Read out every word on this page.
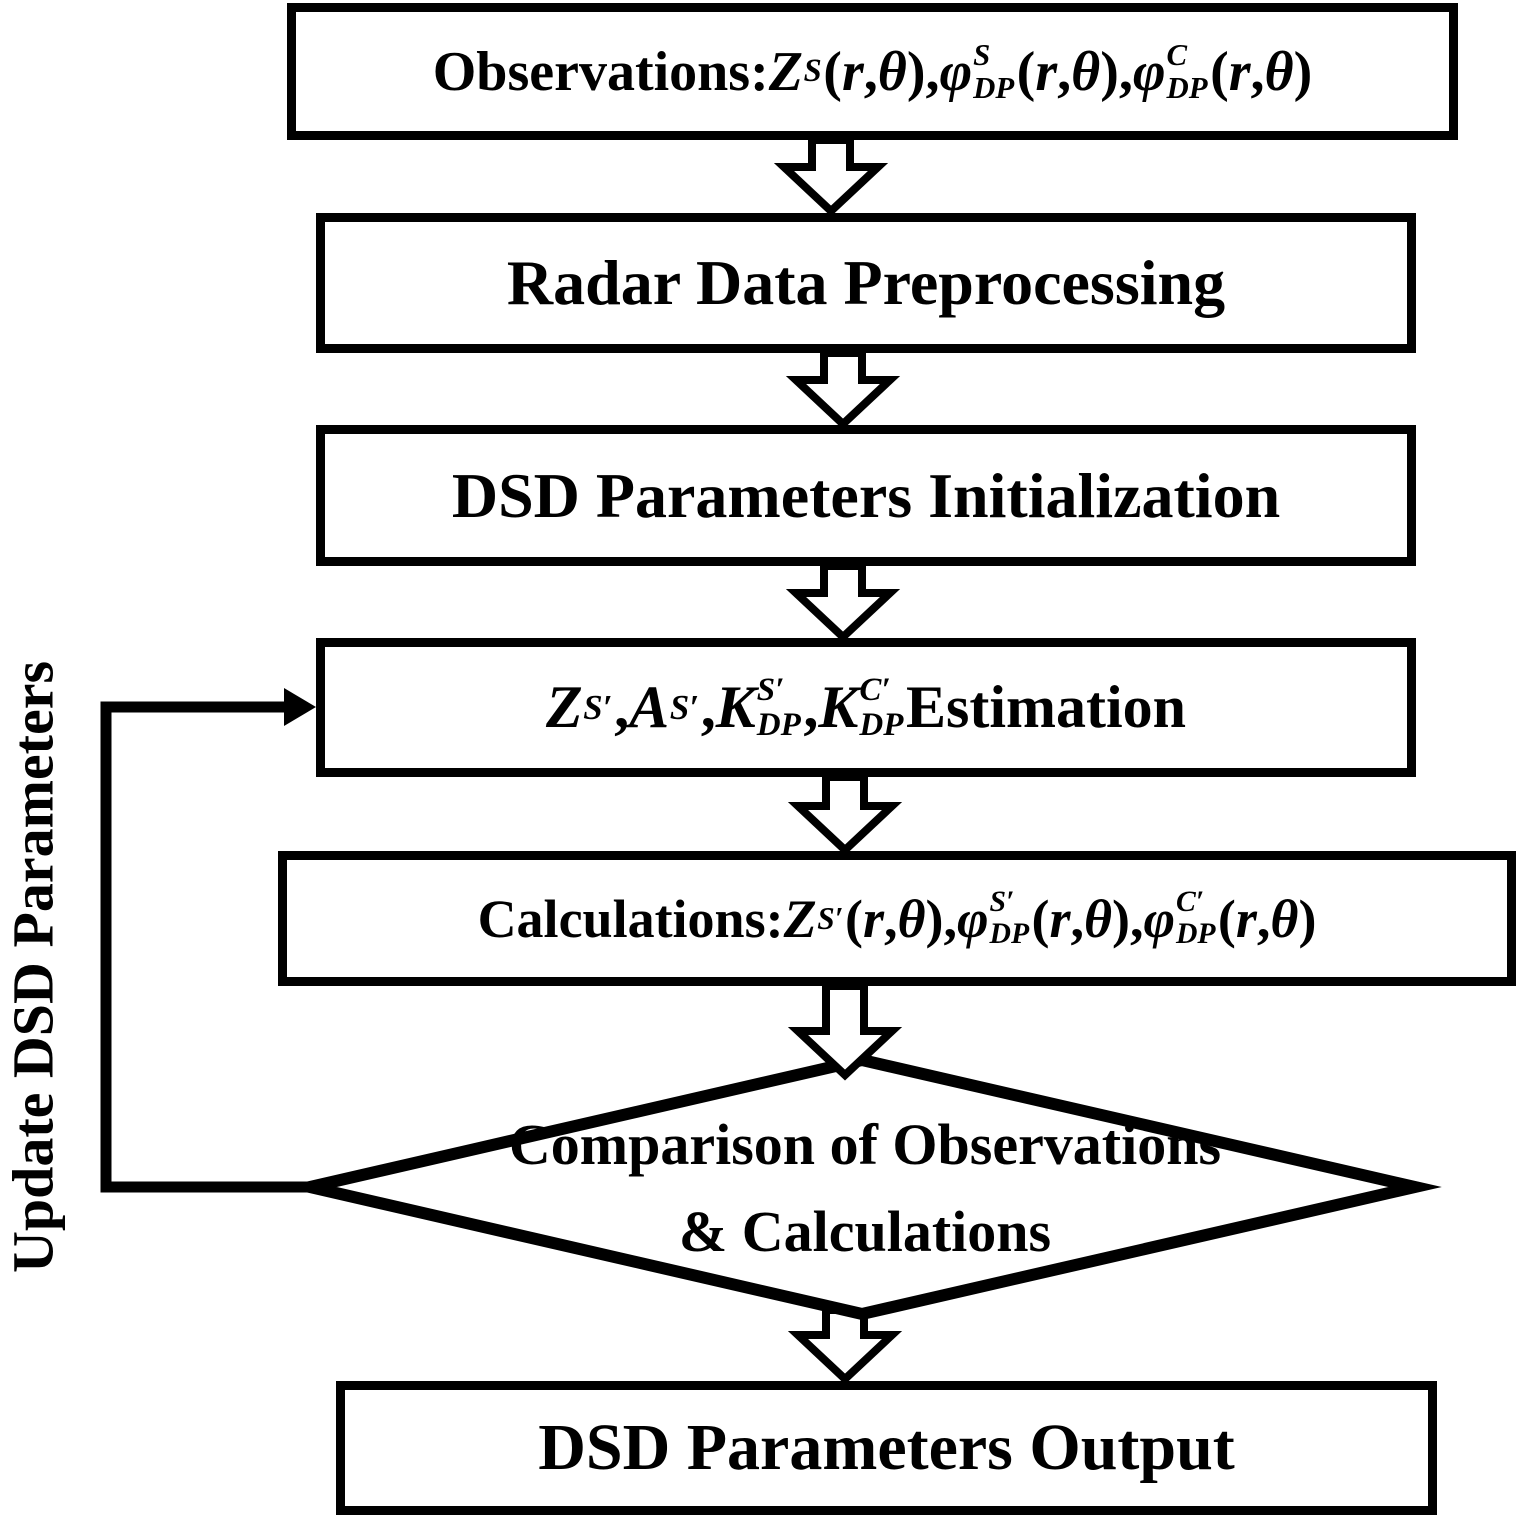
Observations: Z S ( r , θ ), φ S
DP ( r , θ ), φ C
DP ( r , θ )
Radar Data Preprocessing
DSD Parameters Initialization
Z S′ , A S′ , K S′
DP , K C′
DP Estimation
Calculations: Z S′ ( r , θ ), φ S′
DP ( r , θ ), φ C′
DP ( r , θ )
DSD Parameters Output
Comparison of Observations
& Calculations
Update DSD Parameters
